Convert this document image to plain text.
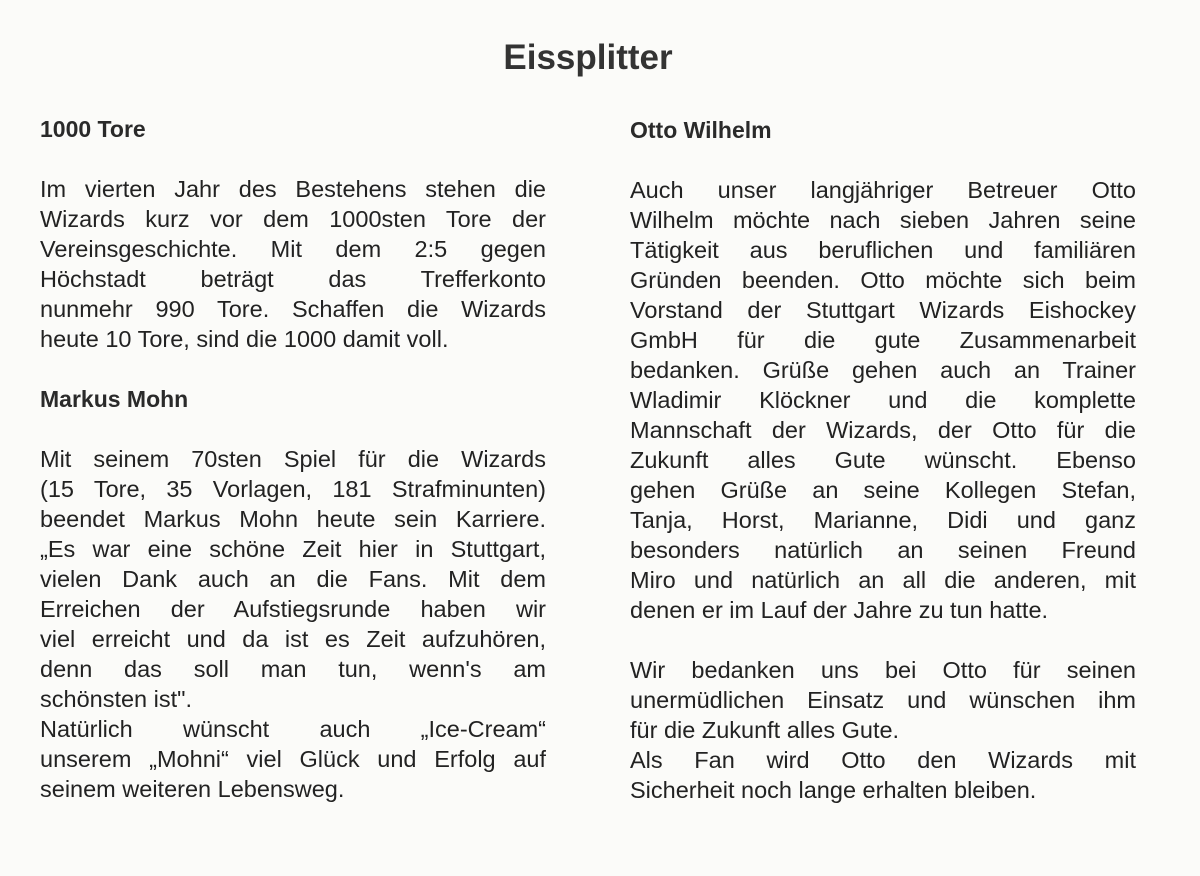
Eissplitter
1000 Tore
Im vierten Jahr des Bestehens stehen die
Wizards kurz vor dem 1000sten Tore der
Vereinsgeschichte. Mit dem 2:5 gegen
Höchstadt beträgt das Trefferkonto
nunmehr 990 Tore. Schaffen die Wizards
heute 10 Tore, sind die 1000 damit voll.
Markus Mohn
Mit seinem 70sten Spiel für die Wizards
(15 Tore, 35 Vorlagen, 181 Strafminunten)
beendet Markus Mohn heute sein Karriere.
„Es war eine schöne Zeit hier in Stuttgart,
vielen Dank auch an die Fans. Mit dem
Erreichen der Aufstiegsrunde haben wir
viel erreicht und da ist es Zeit aufzuhören,
denn das soll man tun, wenn's am
schönsten ist".
Natürlich wünscht auch „Ice-Cream“
unserem „Mohni“ viel Glück und Erfolg auf
seinem weiteren Lebensweg.
Otto Wilhelm
Auch unser langjähriger Betreuer Otto
Wilhelm möchte nach sieben Jahren seine
Tätigkeit aus beruflichen und familiären
Gründen beenden. Otto möchte sich beim
Vorstand der Stuttgart Wizards Eishockey
GmbH für die gute Zusammenarbeit
bedanken. Grüße gehen auch an Trainer
Wladimir Klöckner und die komplette
Mannschaft der Wizards, der Otto für die
Zukunft alles Gute wünscht. Ebenso
gehen Grüße an seine Kollegen Stefan,
Tanja, Horst, Marianne, Didi und ganz
besonders natürlich an seinen Freund
Miro und natürlich an all die anderen, mit
denen er im Lauf der Jahre zu tun hatte.
Wir bedanken uns bei Otto für seinen
unermüdlichen Einsatz und wünschen ihm
für die Zukunft alles Gute.
Als Fan wird Otto den Wizards mit
Sicherheit noch lange erhalten bleiben.
